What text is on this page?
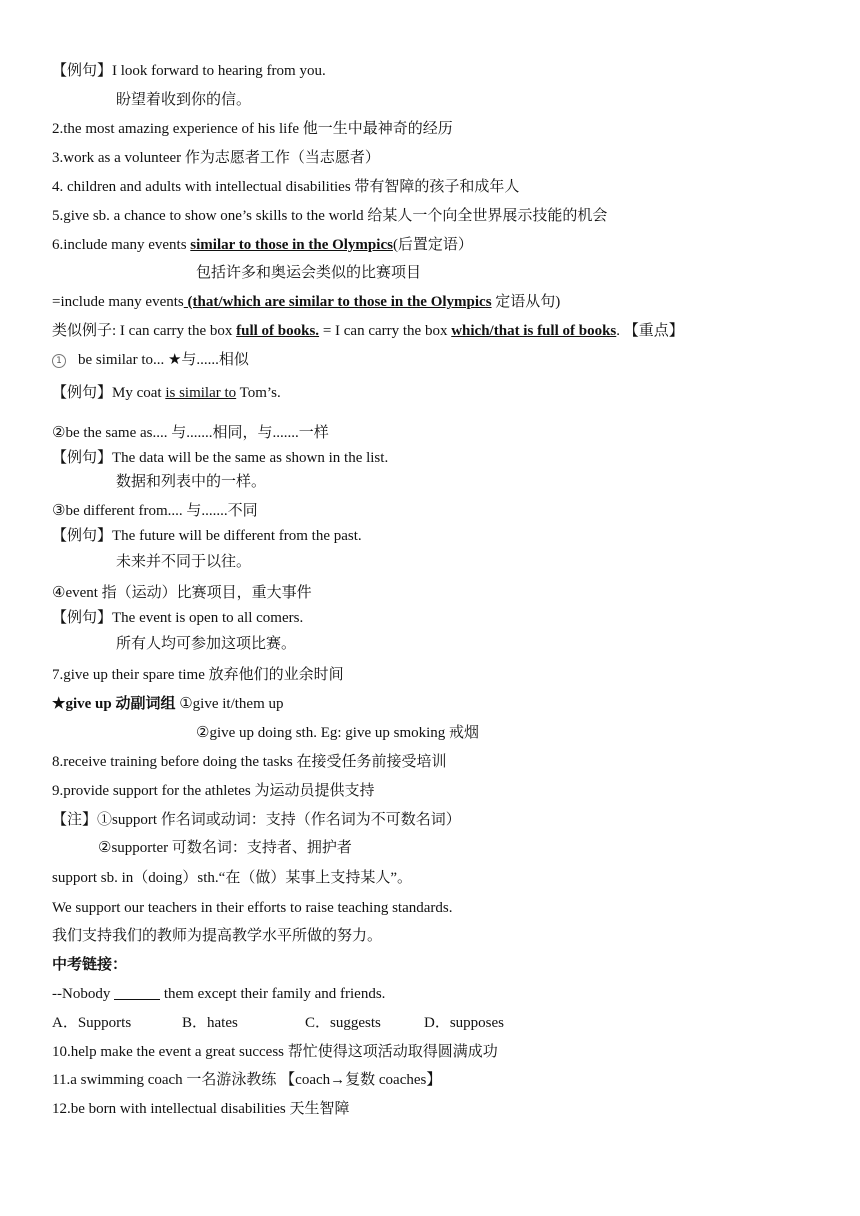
【例句】I look forward to hearing from you.
盼望着收到你的信。
2.the most amazing experience of his life 他一生中最神奇的经历
3.work as a volunteer 作为志愿者工作（当志愿者）
4. children and adults with intellectual disabilities 带有智障的孩子和成年人
5.give sb. a chance to show one’s skills to the world 给某人一个向全世界展示技能的机会
6.include many events similar to those in the Olympics(后置定语）
包括许多和奥运会类似的比赛项目
=include many events (that/which are similar to those in the Olympics 定语从句)
类似例子: I can carry the box full of books. = I can carry the box which/that is full of books. 【重点】
1 be similar to... ★与......相似
【例句】My coat is similar to Tom’s.
②be the same as.... 与.......相同，与.......一样
【例句】The data will be the same as shown in the list.
数据和列表中的一样。
③be different from.... 与.......不同
【例句】The future will be different from the past.
未来并不同于以往。
④event 指（运动）比赛项目，重大事件
【例句】The event is open to all comers.
所有人均可参加这项比赛。
7.give up their spare time 放弃他们的业余时间
★give up 动副词组 ①give it/them up
②give up doing sth. Eg: give up smoking 戒烟
8.receive training before doing the tasks 在接受任务前接受培训
9.provide support for the athletes 为运动员提供支持
【注】①support 作名词或动词：支持（作名词为不可数名词）
②supporter 可数名词：支持者、拥护者
support sb. in（doing）sth.“在（做）某事上支持某人”。
We support our teachers in their efforts to raise teaching standards.
我们支持我们的教师为提高教学水平所做的努力。
中考链接：
--Nobody	them except their family and friends.
A．Supports	B．hates	C．suggests	D．supposes
10.help make the event a great success 帮忙使得这项活动取得圆满成功
11.a swimming coach 一名游泳教练 【coach→复数 coaches】
12.be born with intellectual disabilities 天生智障
